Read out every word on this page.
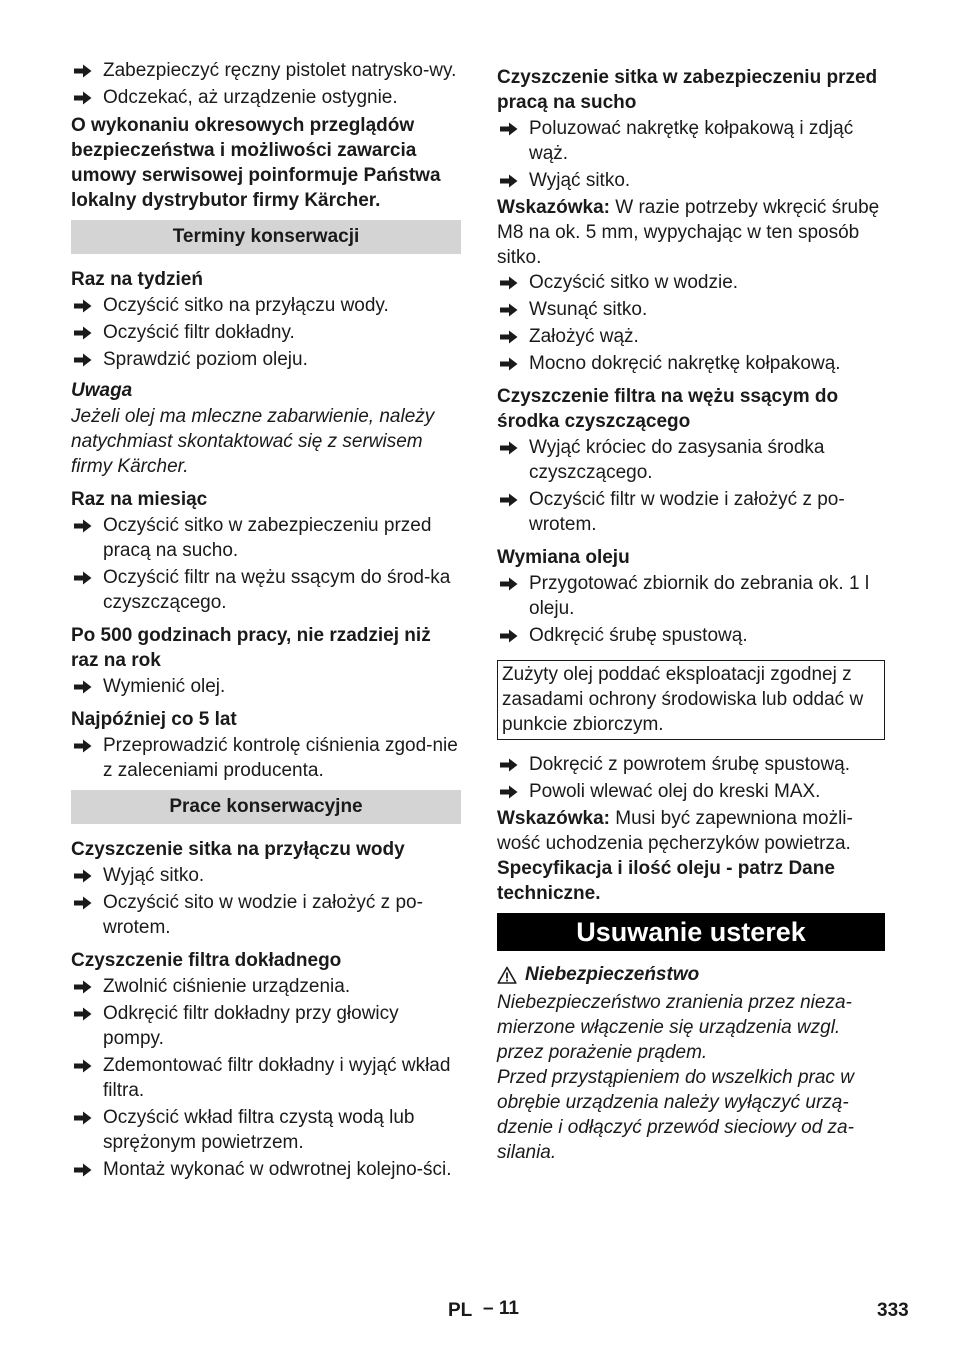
Zabezpieczyć ręczny pistolet natrysko-wy.
Odczekać, aż urządzenie ostygnie.

O wykonaniu okresowych przeglądów bezpieczeństwa i możliwości zawarcia umowy serwisowej poinformuje Państwa lokalny dystrybutor firmy Kärcher.

Terminy konserwacji

Raz na tydzień

Oczyścić sitko na przyłączu wody.
Oczyścić filtr dokładny.
Sprawdzić poziom oleju.

Uwaga

Jeżeli olej ma mleczne zabarwienie, należy natychmiast skontaktować się z serwisem firmy Kärcher.

Raz na miesiąc

Oczyścić sitko w zabezpieczeniu przed pracą na sucho.
Oczyścić filtr na wężu ssącym do środ-ka czyszczącego.

Po 500 godzinach pracy, nie rzadziej niż raz na rok

Wymienić olej.

Najpóźniej co 5 lat

Przeprowadzić kontrolę ciśnienia zgod-nie z zaleceniami producenta.
Prace konserwacyjne

Czyszczenie sitka na przyłączu wody

Wyjąć sitko.
Oczyścić sito w wodzie i założyć z po-wrotem.

Czyszczenie filtra dokładnego

Zwolnić ciśnienie urządzenia.
Odkręcić filtr dokładny przy głowicy pompy.
Zdemontować filtr dokładny i wyjąć wkład filtra.
Oczyścić wkład filtra czystą wodą lub sprężonym powietrzem.
Montaż wykonać w odwrotnej kolejno-ści.

Czyszczenie sitka w zabezpieczeniu przed pracą na sucho

Poluzować nakrętkę kołpakową i zdjąć wąż.
Wyjąć sitko.

Wskazówka: W razie potrzeby wkręcić śrubę M8 na ok. 5 mm, wypychając w ten sposób sitko.

Oczyścić sitko w wodzie.
Wsunąć sitko.
Założyć wąż.
Mocno dokręcić nakrętkę kołpakową.

Czyszczenie filtra na wężu ssącym do środka czyszczącego

Wyjąć króciec do zasysania środka czyszczącego.
Oczyścić filtr w wodzie i założyć z po-wrotem.

Wymiana oleju

Przygotować zbiornik do zebrania ok. 1 l oleju.
Odkręcić śrubę spustową.
Zużyty olej poddać eksploatacji zgodnej z zasadami ochrony środowiska lub oddać w punkcie zbiorczym.
Dokręcić z powrotem śrubę spustową.
Powoli wlewać olej do kreski MAX.

Wskazówka: Musi być zapewniona możli-wość uchodzenia pęcherzyków powietrza.

Specyfikacja i ilość oleju - patrz Dane techniczne.

Usuwanie usterek

Niebezpieczeństwo

Niebezpieczeństwo zranienia przez nieza-mierzone włączenie się urządzenia wzgl. przez porażenie prądem.

Przed przystąpieniem do wszelkich prac w obrębie urządzenia należy wyłączyć urzą-dzenie i odłączyć przewód sieciowy od za-silania.

PL – 11	333
